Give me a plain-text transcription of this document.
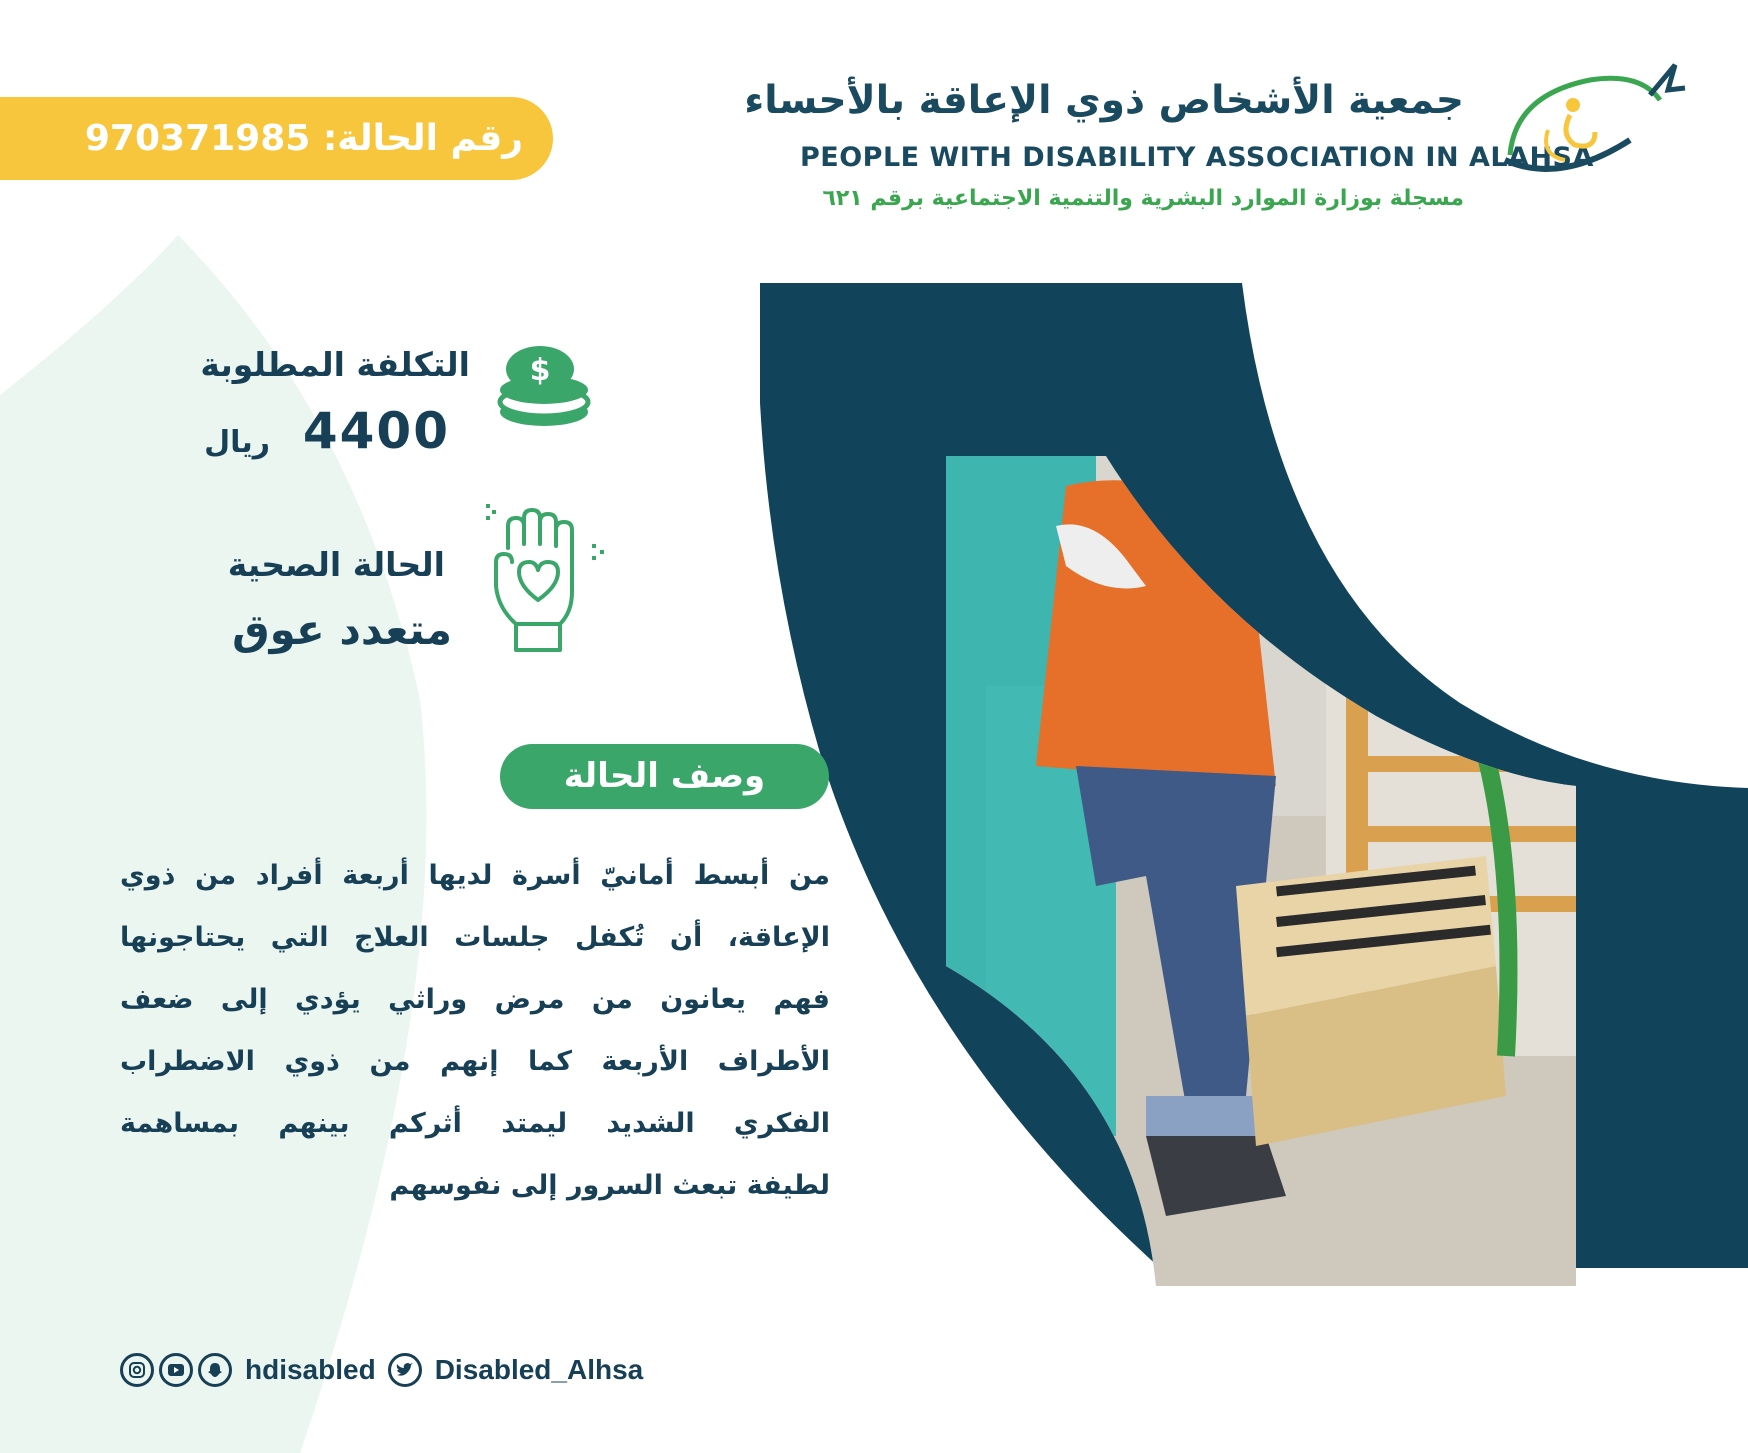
رقم الحالة: 970371985
جمعية الأشخاص ذوي الإعاقة بالأحساء
PEOPLE WITH DISABILITY ASSOCIATION IN ALAHSA
مسجلة بوزارة الموارد البشرية والتنمية الاجتماعية برقم ٦٢١
التكلفة المطلوبة
4400
ريال
$
الحالة الصحية
متعدد عوق
وصف الحالة
من أبسط أمانيّ أسرة لديها أربعة أفراد من ذوي
الإعاقة، أن تُكفل جلسات العلاج التي يحتاجونها
فهم يعانون من مرض وراثي يؤدي إلى ضعف
الأطراف الأربعة كما إنهم من ذوي الاضطراب
الفكري الشديد ليمتد أثركم بينهم بمساهمة
لطيفة تبعث السرور إلى نفوسهم
hdisabled Disabled_Alhsa
